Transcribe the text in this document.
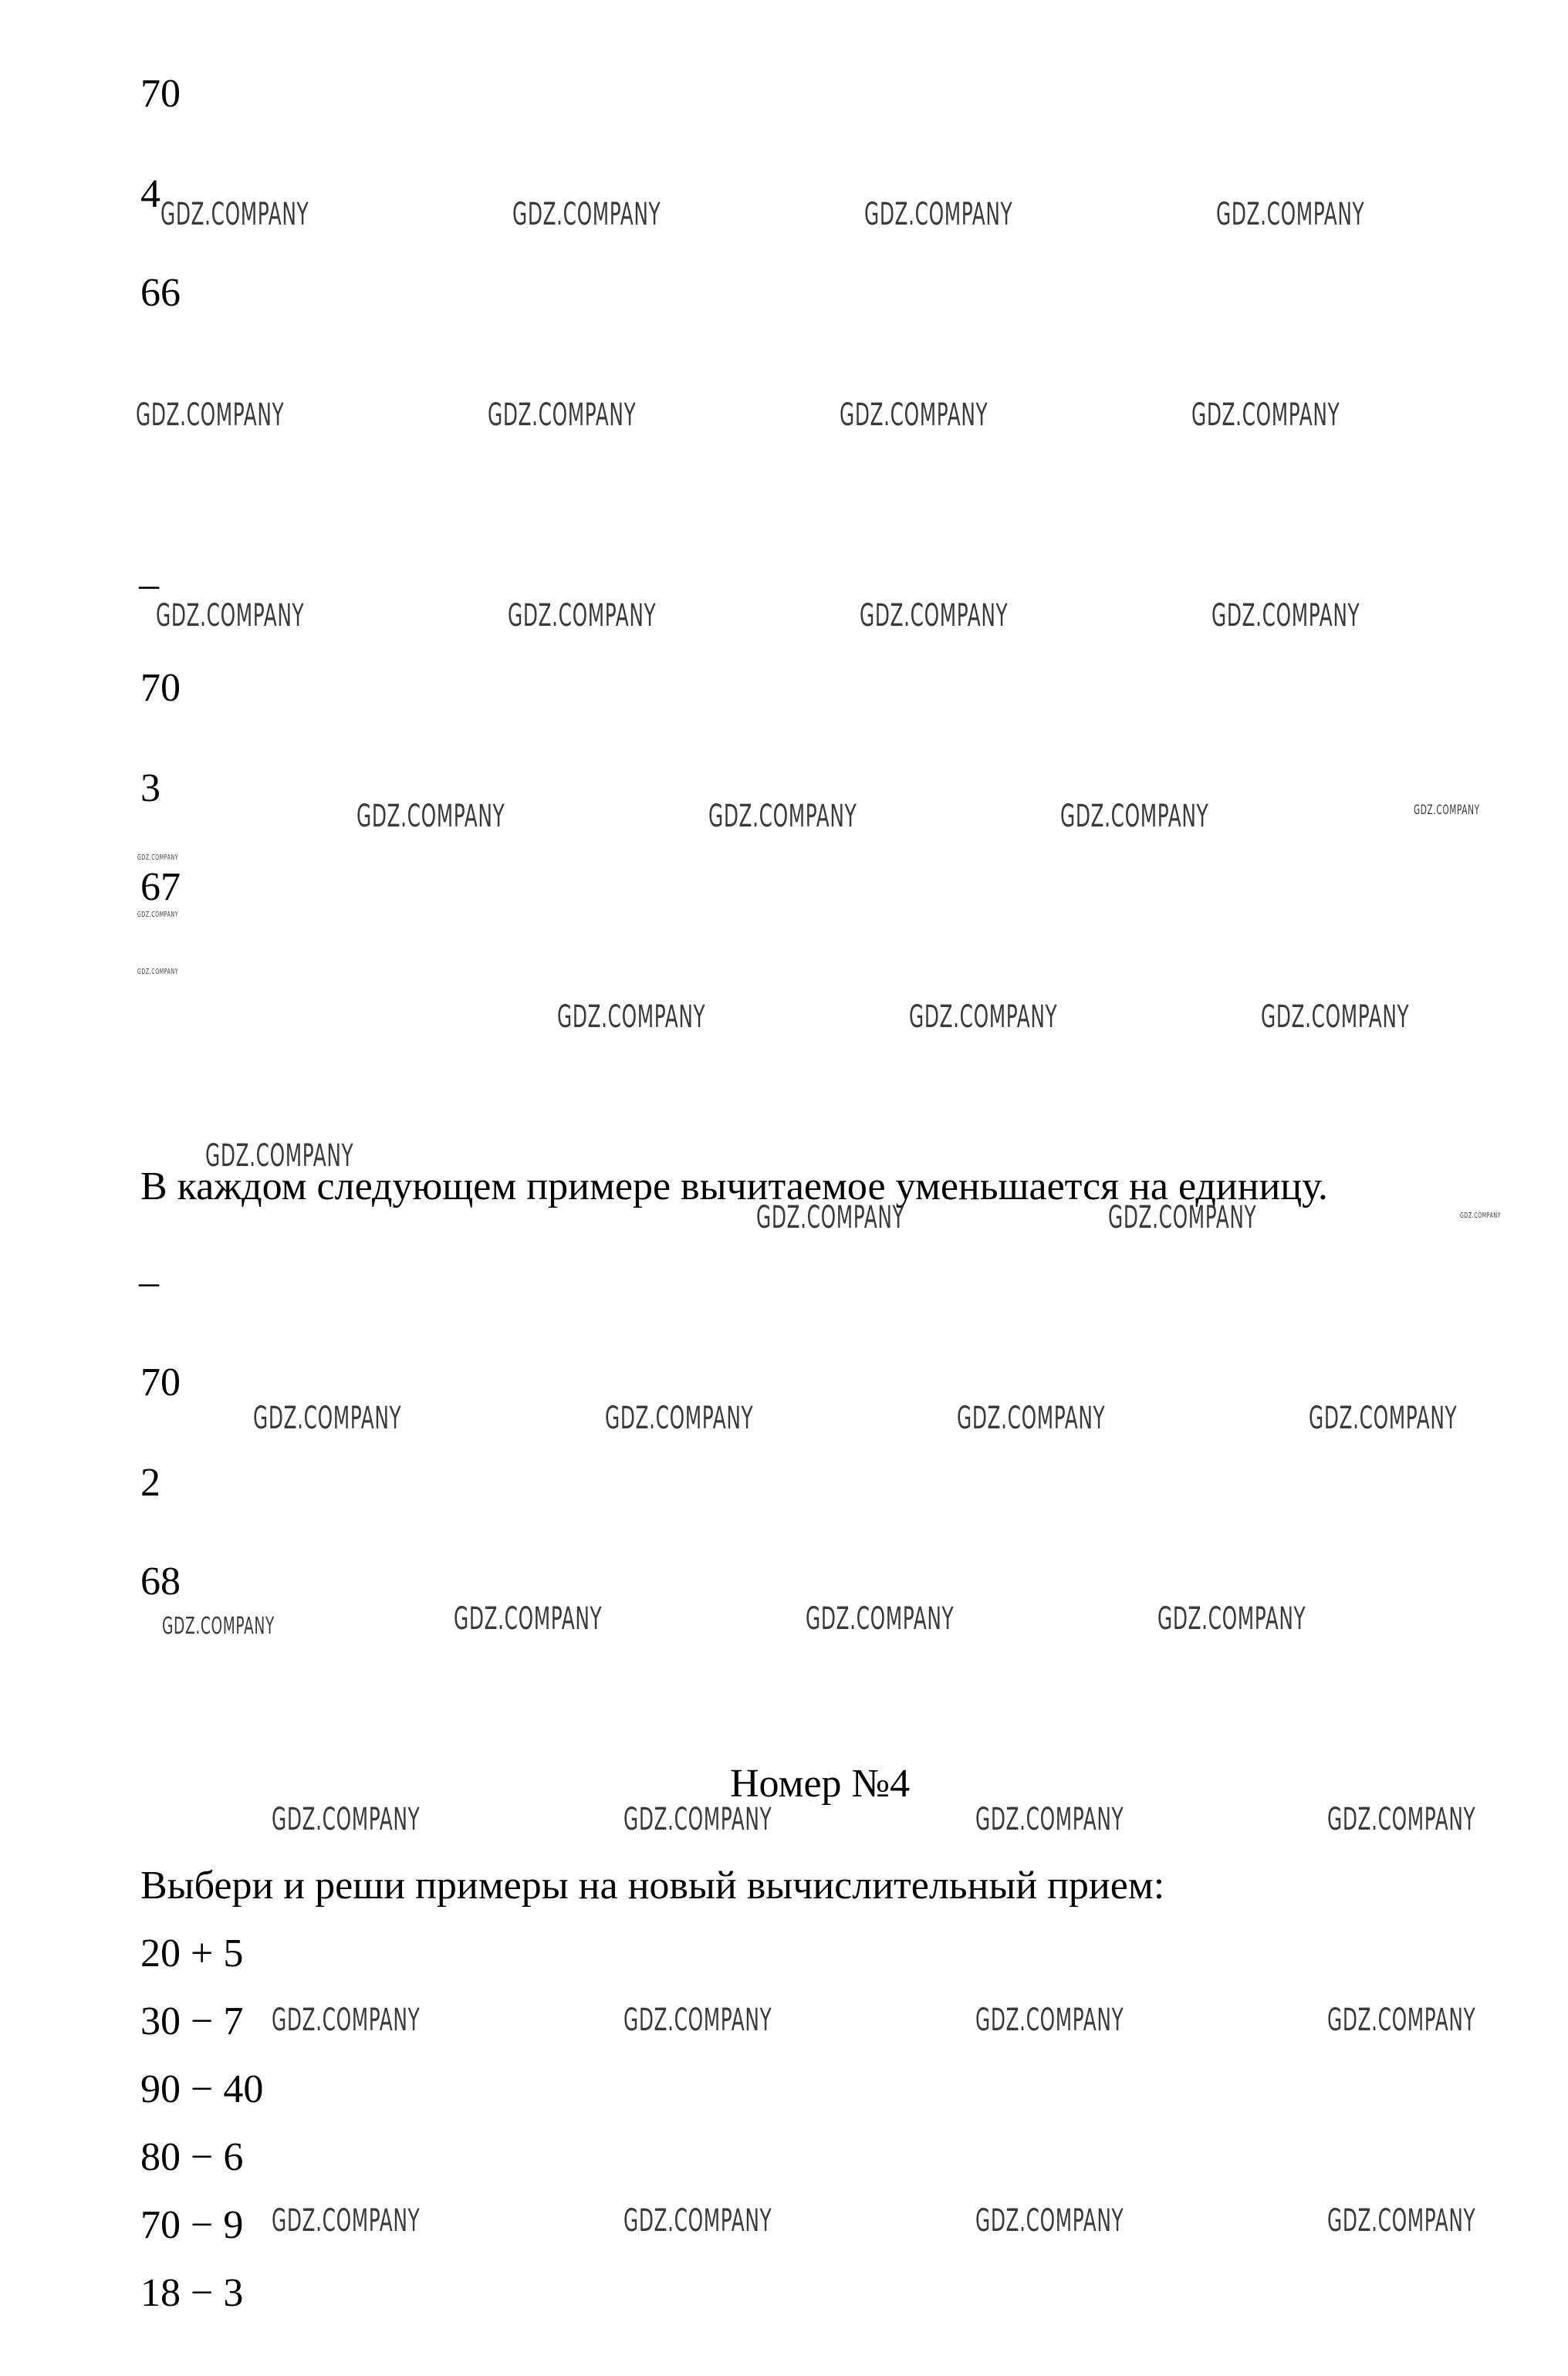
70
4
66
–
70
3
67
В каждом следующем примере вычитаемое уменьшается на единицу.
–
70
2
68
Номер №4
Выбери и реши примеры на новый вычислительный прием:
20 + 5
30 − 7
90 − 40
80 − 6
70 − 9
18 − 3
GDZ.COMPANY	GDZ.COMPANY	GDZ.COMPANY	GDZ.COMPANY
GDZ.COMPANY	GDZ.COMPANY	GDZ.COMPANY	GDZ.COMPANY
GDZ.COMPANY	GDZ.COMPANY	GDZ.COMPANY	GDZ.COMPANY
GDZ.COMPANY	GDZ.COMPANY	GDZ.COMPANY	GDZ.COMPANY
GDZ.COMPANY
GDZ.COMPANY
GDZ.COMPANY
GDZ.COMPANY	GDZ.COMPANY	GDZ.COMPANY
GDZ.COMPANY
GDZ.COMPANY	GDZ.COMPANY	GDZ.COMPANY
GDZ.COMPANY	GDZ.COMPANY	GDZ.COMPANY	GDZ.COMPANY
GDZ.COMPANY	GDZ.COMPANY	GDZ.COMPANY	GDZ.COMPANY
GDZ.COMPANY	GDZ.COMPANY	GDZ.COMPANY	GDZ.COMPANY
GDZ.COMPANY	GDZ.COMPANY	GDZ.COMPANY	GDZ.COMPANY
GDZ.COMPANY	GDZ.COMPANY	GDZ.COMPANY	GDZ.COMPANY
